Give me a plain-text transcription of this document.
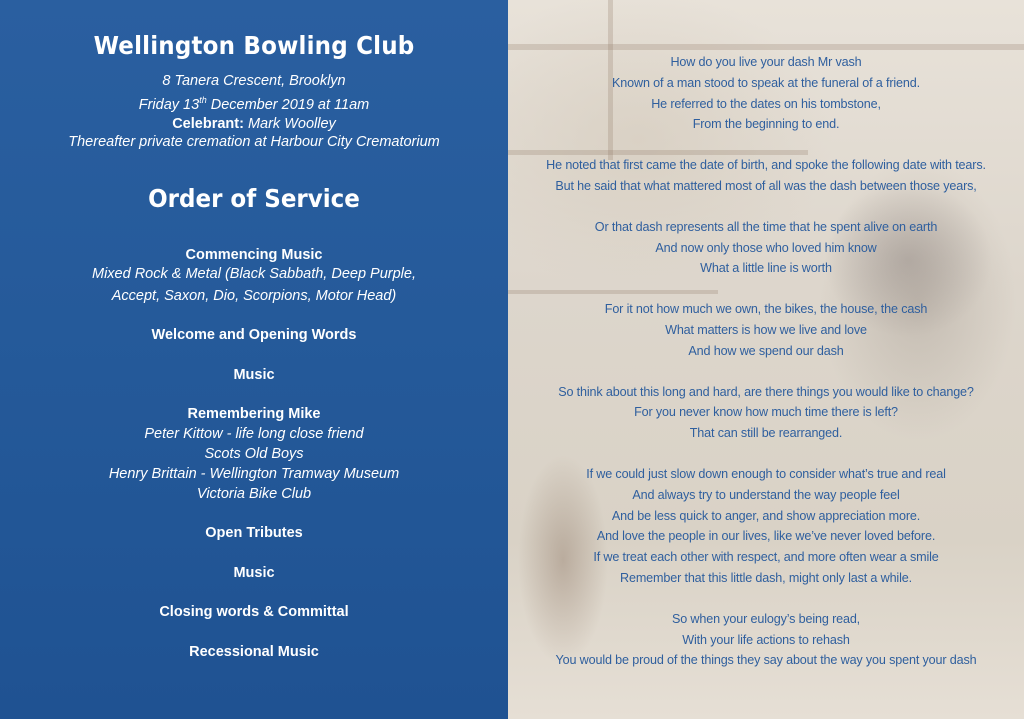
Wellington Bowling Club
8 Tanera Crescent, Brooklyn
Friday 13th December 2019 at 11am
Celebrant: Mark Woolley
Thereafter private cremation at Harbour City Crematorium
Order of Service
Commencing Music
Mixed Rock & Metal (Black Sabbath, Deep Purple,
Accept, Saxon, Dio, Scorpions, Motor Head)
Welcome and Opening Words
Music
Remembering Mike
Peter Kittow - life long close friend
Scots Old Boys
Henry Brittain - Wellington Tramway Museum
Victoria Bike Club
Open Tributes
Music
Closing words & Committal
Recessional Music
How do you live your dash Mr vash
Known of a man stood to speak at the funeral of a friend.
He referred to the dates on his tombstone,
From the beginning to end.
He noted that first came the date of birth, and spoke the following date with tears.
But he said that what mattered most of all was the dash between those years,
Or that dash represents all the time that he spent alive on earth
And now only those who loved him know
What a little line is worth
For it not how much we own, the bikes, the house, the cash
What matters is how we live and love
And how we spend our dash
So think about this long and hard, are there things you would like to change?
For you never know how much time there is left?
That can still be rearranged.
If we could just slow down enough to consider what’s true and real
And always try to understand the way people feel
And be less quick to anger, and show appreciation more.
And love the people in our lives, like we’ve never loved before.
If we treat each other with respect, and more often wear a smile
Remember that this little dash, might only last a while.
So when your eulogy’s being read,
With your life actions to rehash
You would be proud of the things they say about the way you spent your dash
